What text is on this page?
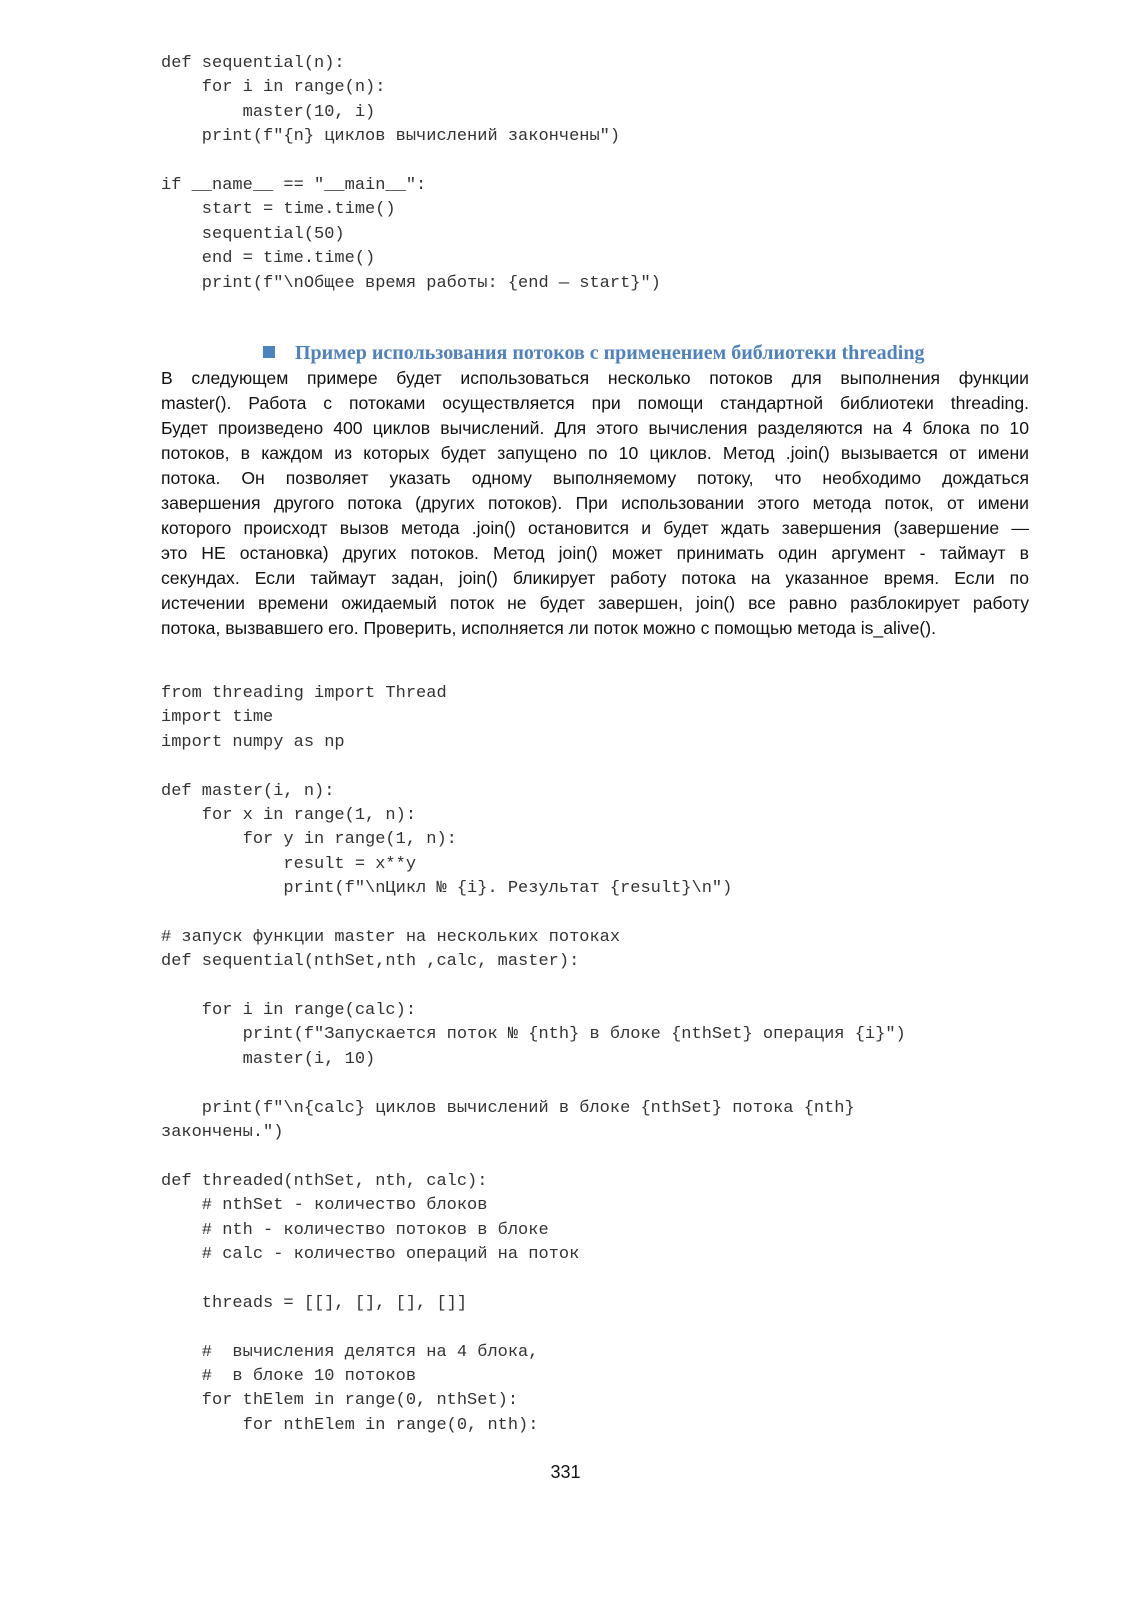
def sequential(n):
for i in range(n):
master(10, i)
print(f"{n} циклов вычислений закончены")
if __name__ == "__main__":
start = time.time()
sequential(50)
end = time.time()
print(f"\nОбщее время работы: {end — start}")
Пример использования потоков с применением библиотеки threading
В следующем примере будет использоваться несколько потоков для выполнения функции
master(). Работа с потоками осуществляется при помощи стандартной библиотеки threading.
Будет произведено 400 циклов вычислений. Для этого вычисления разделяются на 4 блока по 10
потоков, в каждом из которых будет запущено по 10 циклов. Метод .join() вызывается от имени
потока. Он позволяет указать одному выполняемому потоку, что необходимо дождаться
завершения другого потока (других потоков). При использовании этого метода поток, от имени
которого происходт вызов метода .join() остановится и будет ждать завершения (завершение —
это НЕ остановка) других потоков. Метод join() может принимать один аргумент - таймаут в
секундах. Если таймаут задан, join() бликирует работу потока на указанное время. Если по
истечении времени ожидаемый поток не будет завершен, join() все равно разблокирует работу
потока, вызвавшего его. Проверить, исполняется ли поток можно с помощью метода is_alive().
from threading import Thread
import time
import numpy as np
def master(i, n):
for x in range(1, n):
for y in range(1, n):
result = x**y
print(f"\nЦикл № {i}. Результат {result}\n")
# запуск функции master на нескольких потоках
def sequential(nthSet,nth ,calc, master):
for i in range(calc):
print(f"Запускается поток № {nth} в блоке {nthSet} операция {i}")
master(i, 10)
print(f"\n{calc} циклов вычислений в блоке {nthSet} потока {nth}
закончены.")
def threaded(nthSet, nth, calc):
# nthSet - количество блоков
# nth - количество потоков в блоке
# calc - количество операций на поток
threads = [[], [], [], []]
#  вычисления делятся на 4 блока,
#  в блоке 10 потоков
for thElem in range(0, nthSet):
for nthElem in range(0, nth):
331
